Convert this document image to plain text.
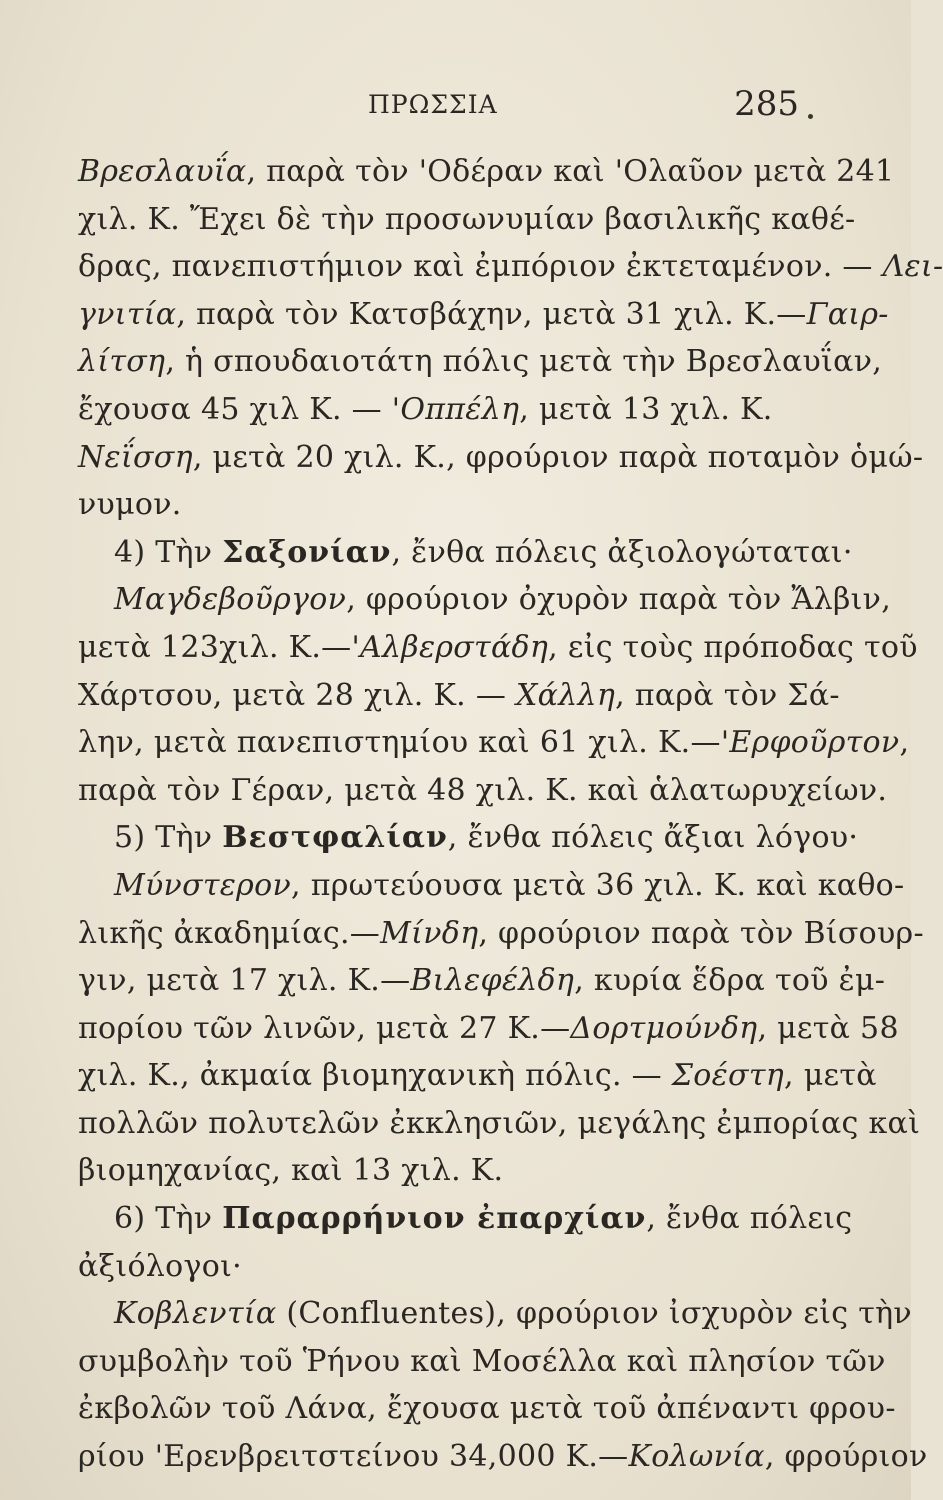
ΠΡΩΣΣΙΑ	285
Βρεσλαυΐα, παρὰ τὸν 'Οδέραν καὶ 'Ολαῦον μετὰ 241
χιλ. Κ. Ἔχει δὲ τὴν προσωνυμίαν βασιλικῆς καθέ-
δρας, πανεπιστήμιον καὶ ἐμπόριον ἐκτεταμένον. — Λει-
γνιτία, παρὰ τὸν Κατσβάχην, μετὰ 31 χιλ. Κ.—Γαιρ-
λίτση, ἡ σπουδαιοτάτη πόλις μετὰ τὴν Βρεσλαυΐαν,
ἔχουσα 45 χιλ Κ. — 'Οππέλη, μετὰ 13 χιλ. Κ.
Νεΐσση, μετὰ 20 χιλ. Κ., φρούριον παρὰ ποταμὸν ὁμώ-
νυμον.
4) Τὴν Σαξονίαν, ἔνθα πόλεις ἀξιολογώταται·
Μαγδεβοῦργον, φρούριον ὀχυρὸν παρὰ τὸν Ἄλβιν,
μετὰ 123χιλ. Κ.—'Αλβερστάδη, εἰς τοὺς πρόποδας τοῦ
Χάρτσου, μετὰ 28 χιλ. Κ. — Χάλλη, παρὰ τὸν Σά-
λην, μετὰ πανεπιστημίου καὶ 61 χιλ. Κ.—'Ερφοῦρτον,
παρὰ τὸν Γέραν, μετὰ 48 χιλ. Κ. καὶ ἁλατωρυχείων.
5) Τὴν Βεστφαλίαν, ἔνθα πόλεις ἄξιαι λόγου·
Μύνστερον, πρωτεύουσα μετὰ 36 χιλ. Κ. καὶ καθο-
λικῆς ἀκαδημίας.—Μίνδη, φρούριον παρὰ τὸν Βίσουρ-
γιν, μετὰ 17 χιλ. Κ.—Βιλεφέλδη, κυρία ἕδρα τοῦ ἐμ-
πορίου τῶν λινῶν, μετὰ 27 Κ.—Δορτμούνδη, μετὰ 58
χιλ. Κ., ἀκμαία βιομηχανικὴ πόλις. — Σοέστη, μετὰ
πολλῶν πολυτελῶν ἐκκλησιῶν, μεγάλης ἐμπορίας καὶ
βιομηχανίας, καὶ 13 χιλ. Κ.
6) Τὴν Παραρρήνιον ἐπαρχίαν, ἔνθα πόλεις
ἀξιόλογοι·
Κοβλεντία (Confluentes), φρούριον ἰσχυρὸν εἰς τὴν
συμβολὴν τοῦ Ῥήνου καὶ Μοσέλλα καὶ πλησίον τῶν
ἐκβολῶν τοῦ Λάνα, ἔχουσα μετὰ τοῦ ἀπέναντι φρου-
ρίου 'Ερενβρειτστείνου 34,000 Κ.—Κολωνία, φρούριον
